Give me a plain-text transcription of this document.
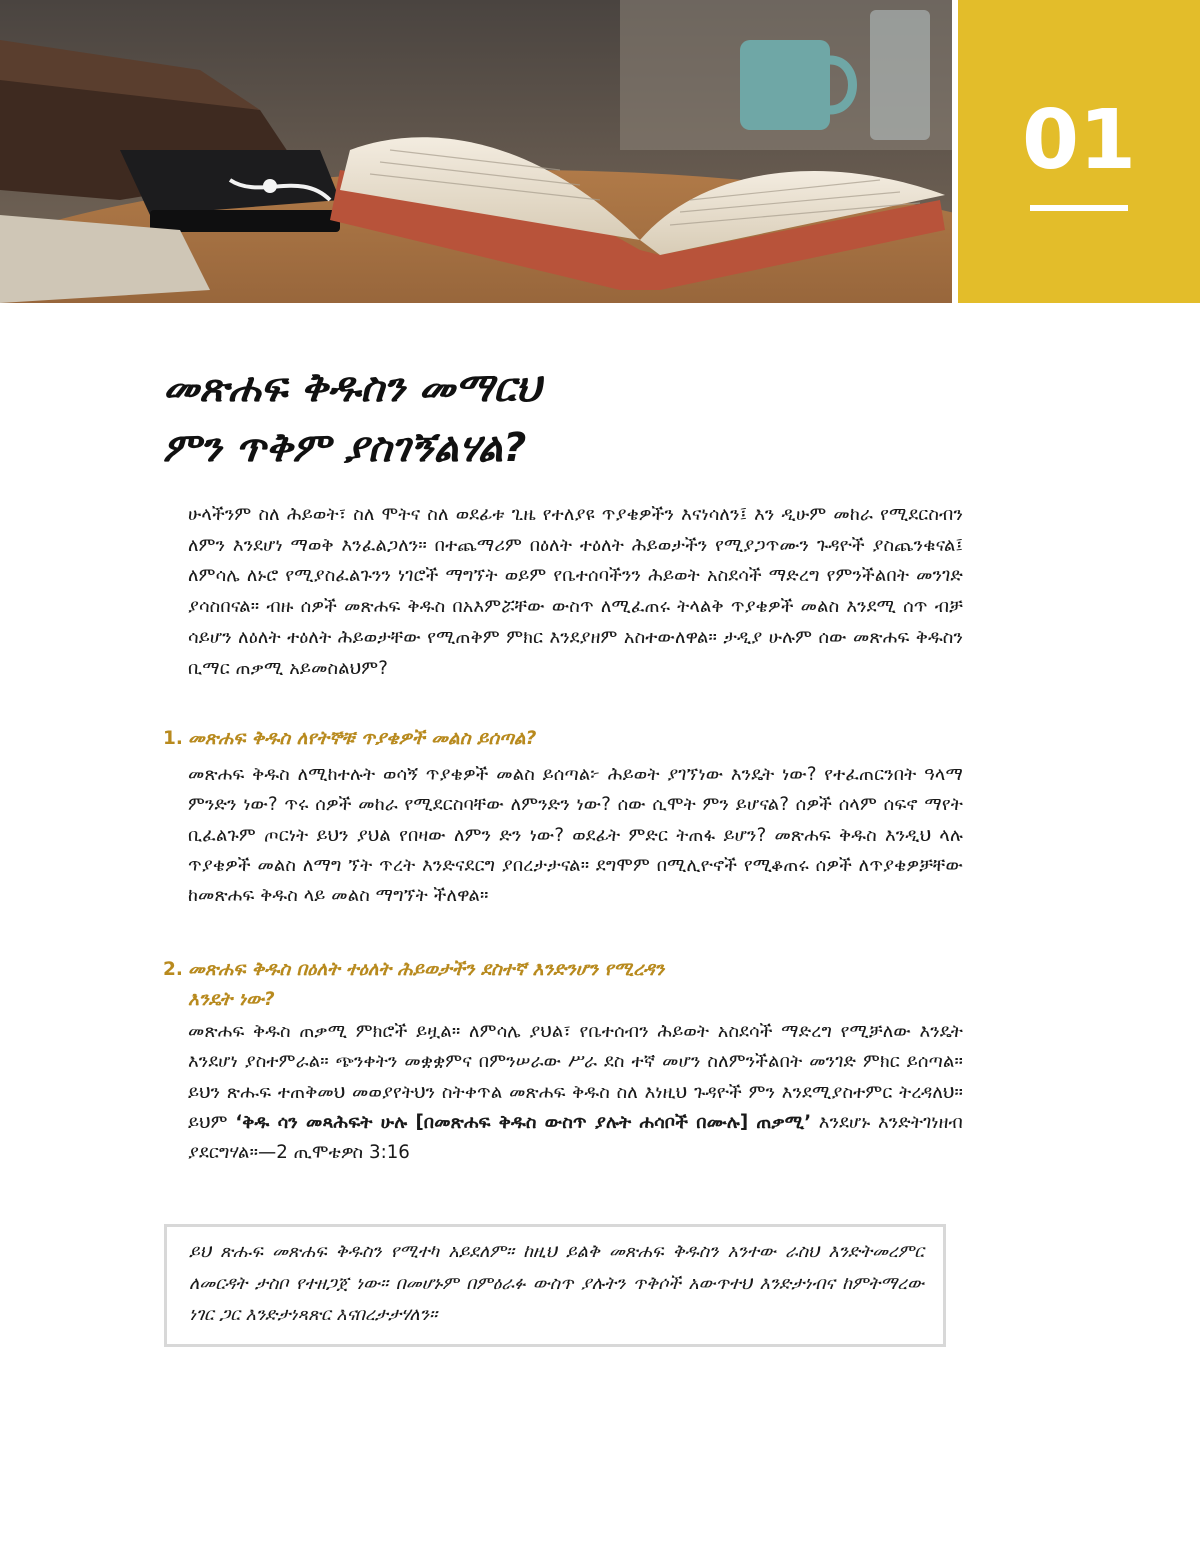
01
መጽሐፍ ቅዱስን መማርህ
ምን ጥቅም ያስገኝልሃል?
ሁላችንም ስለ ሕይወት፣ ስለ ሞትና ስለ ወደፊቱ ጊዜ የተለያዩ ጥያቄዎችን እናነሳለን፤ እን ዲሁም መከራ የሚደርስብን ለምን እንደሆነ ማወቅ እንፈልጋለን። በተጨማሪም በዕለት ተዕለት ሕይወታችን የሚያጋጥሙን ጉዳዮች ያስጨንቁናል፤ ለምሳሌ ለኑሮ የሚያስፈልጉንን ነገሮች ማግኘት ወይም የቤተሰባችንን ሕይወት አስደሳች ማድረግ የምንችልበት መንገድ ያሳስበናል። ብዙ ሰዎች መጽሐፍ ቅዱስ በአእምሯቸው ውስጥ ለሚፈጠሩ ትላልቅ ጥያቄዎች መልስ እንደሚ ሰጥ ብቻ ሳይሆን ለዕለት ተዕለት ሕይወታቸው የሚጠቅም ምክር እንደያዘም አስተውለዋል። ታዲያ ሁሉም ሰው መጽሐፍ ቅዱስን ቢማር ጠቃሚ አይመስልህም?
1. መጽሐፍ ቅዱስ ለየትኞቹ ጥያቄዎች መልስ ይሰጣል?
መጽሐፍ ቅዱስ ለሚከተሉት ወሳኝ ጥያቄዎች መልስ ይሰጣል፦ ሕይወት ያገኘነው እንዴት ነው? የተፈጠርንበት ዓላማ ምንድን ነው? ጥሩ ሰዎች መከራ የሚደርስባቸው ለምንድን ነው? ሰው ሲሞት ምን ይሆናል? ሰዎች ሰላም ሰፍኖ ማየት ቢፈልጉም ጦርነት ይህን ያህል የበዛው ለምን ድን ነው? ወደፊት ምድር ትጠፋ ይሆን? መጽሐፍ ቅዱስ እንዲህ ላሉ ጥያቄዎች መልስ ለማግ ኘት ጥረት እንድናደርግ ያበረታታናል። ደግሞም በሚሊዮኖች የሚቆጠሩ ሰዎች ለጥያቄዎቻቸው ከመጽሐፍ ቅዱስ ላይ መልስ ማግኘት ችለዋል።
2. መጽሐፍ ቅዱስ በዕለት ተዕለት ሕይወታችን ደስተኛ እንድንሆን የሚረዳን
እንዴት ነው?
መጽሐፍ ቅዱስ ጠቃሚ ምክሮች ይዟል። ለምሳሌ ያህል፣ የቤተሰብን ሕይወት አስደሳች ማድረግ የሚቻለው እንዴት እንደሆነ ያስተምራል። ጭንቀትን መቋቋምና በምንሠራው ሥራ ደስ ተኛ መሆን ስለምንችልበት መንገድ ምክር ይሰጣል። ይህን ጽሑፍ ተጠቅመህ መወያየትህን ስትቀጥል መጽሐፍ ቅዱስ ስለ እነዚህ ጉዳዮች ምን እንደሚያስተምር ትረዳለህ። ይህም ‘ቅዱ ሳን መጻሕፍት ሁሉ [በመጽሐፍ ቅዱስ ውስጥ ያሉት ሐሳቦች በሙሉ] ጠቃሚ’ እንደሆኑ እንድትገነዘብ ያደርግሃል።—2 ጢሞቴዎስ 3:16
ይህ ጽሑፍ መጽሐፍ ቅዱስን የሚተካ አይደለም። ከዚህ ይልቅ መጽሐፍ ቅዱስን አንተው ራስህ እንድትመረምር ለመርዳት ታስቦ የተዘጋጀ ነው። በመሆኑም በምዕራፉ ውስጥ ያሉትን ጥቅሶች አውጥተህ እንድታነብና ከምትማረው ነገር ጋር እንድታነጻጽር እናበረታታሃለን።
